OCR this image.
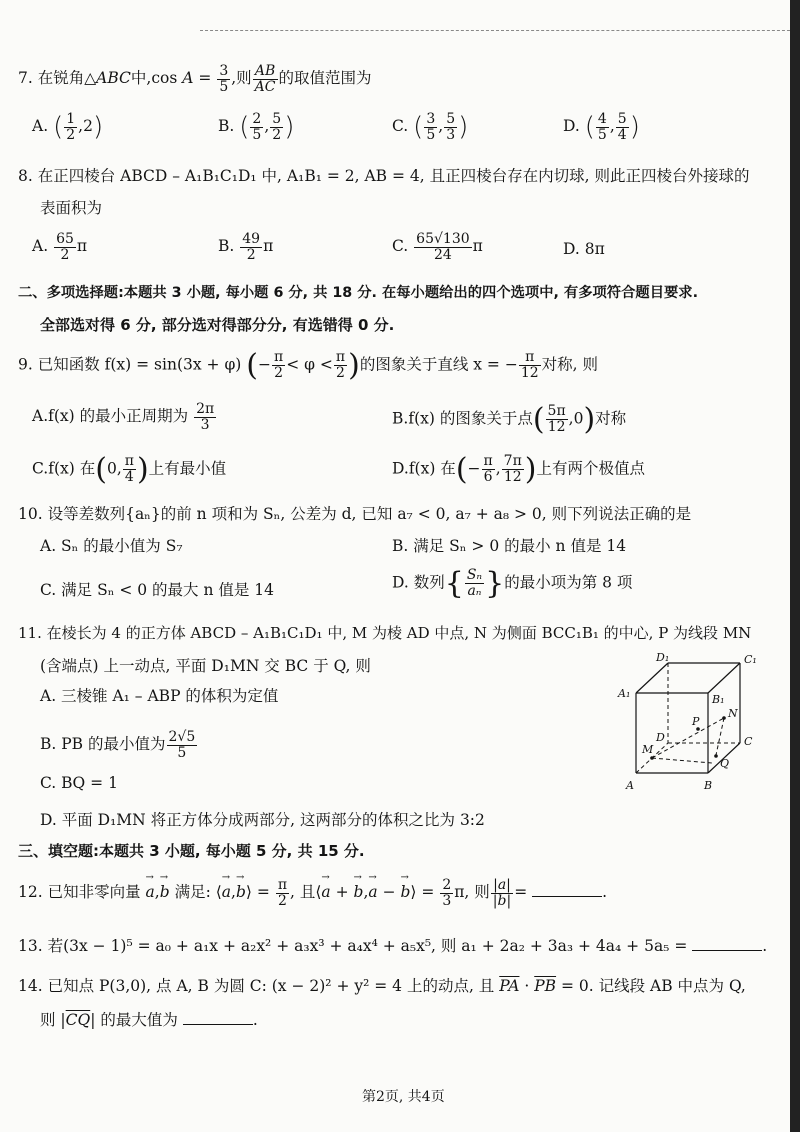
7. 在锐角△ABC中,cos $A = \frac{3}{5}$ ,则 $\frac{AB}{AC}$ 的取值范围为
A. ( $\frac{1}{2} ,2$)	B. ( $\frac{2}{5}$ , $\frac{5}{2}$ )	C. ( $\frac{3}{5}$ , $\frac{5}{3}$ )	D. ( $\frac{4}{5}$ , $\frac{5}{4}$ )
8. 在正四棱台 ABCD – A₁B₁C₁D₁ 中, A₁B₁ = 2, AB = 4, 且正四棱台存在内切球, 则此正四棱台外接球的
表面积为
A. $\frac{65}{2}$ π	B. $\frac{49}{2}$ π	C. $\frac{65√130}{24}$ π	D. 8π
二、多项选择题:本题共 3 小题, 每小题 6 分, 共 18 分. 在每小题给出的四个选项中, 有多项符合题目要求.
全部选对得 6 分, 部分选对得部分分, 有选错得 0 分.
9. 已知函数 f(x) = sin(3x + φ) (− $\frac{\pi}{2} < \varphi < \frac{\pi}{2}$ )的图象关于直线 x = − $\frac{\pi}{12}$ 对称, 则
A.f(x) 的最小正周期为 $\frac{2\pi}{3}$	B.f(x) 的图象关于点( $\frac{5\pi}{12} ,0$)对称
C.f(x) 在(0, $\frac{\pi}{4}$ )上有最小值	D.f(x) 在(− $\frac{\pi}{6}$ , $\frac{7\pi}{12}$ )上有两个极值点
10. 设等差数列{aₙ}的前 n 项和为 Sₙ, 公差为 d, 已知 a₇ < 0, a₇ + a₈ > 0, 则下列说法正确的是
A. Sₙ 的最小值为 S₇	B. 满足 Sₙ > 0 的最小 n 值是 14
C. 满足 Sₙ < 0 的最大 n 值是 14	D. 数列{ $\frac{\text{Sₙ}}{\text{aₙ}}$ }的最小项为第 8 项
11. 在棱长为 4 的正方体 ABCD – A₁B₁C₁D₁ 中, M 为棱 AD 中点, N 为侧面 BCC₁B₁ 的中心, P 为线段 MN
(含端点) 上一动点, 平面 D₁MN 交 BC 于 Q, 则
A. 三棱锥 A₁ – ABP 的体积为定值
B. PB 的最小值为 $\frac{2√5}{5}$
C. BQ = 1
D. 平面 D₁MN 将正方体分成两部分, 这两部分的体积之比为 3:2
D₁	C₁
A₁	B₁
D	C
A	B
M
N
P
Q
三、填空题:本题共 3 小题, 每小题 5 分, 共 15 分.
12. 已知非零向量 → a,→ b 满足: ⟨→ a,→ b⟩ = $\frac{\pi}{2}$ , 且⟨→ a + → b,→ a − → b⟩ = $\frac{2}{3} \pi$, 则 $\frac{|a|}{|b|}$ =	.
13. 若(3x − 1)⁵ = a₀ + a₁x + a₂x² + a₃x³ + a₄x⁴ + a₅x⁵, 则 a₁ + 2a₂ + 3a₃ + 4a₄ + 5a₅ =	.
14. 已知点 P(3,0), 点 A, B 为圆 C: (x − 2)² + y² = 4 上的动点, 且 $\overline{PA} \cdot \overline{PB} = 0$. 记线段 AB 中点为 Q,
则 $|\overline{CQ}|$ 的最大值为	.
第2页, 共4页
